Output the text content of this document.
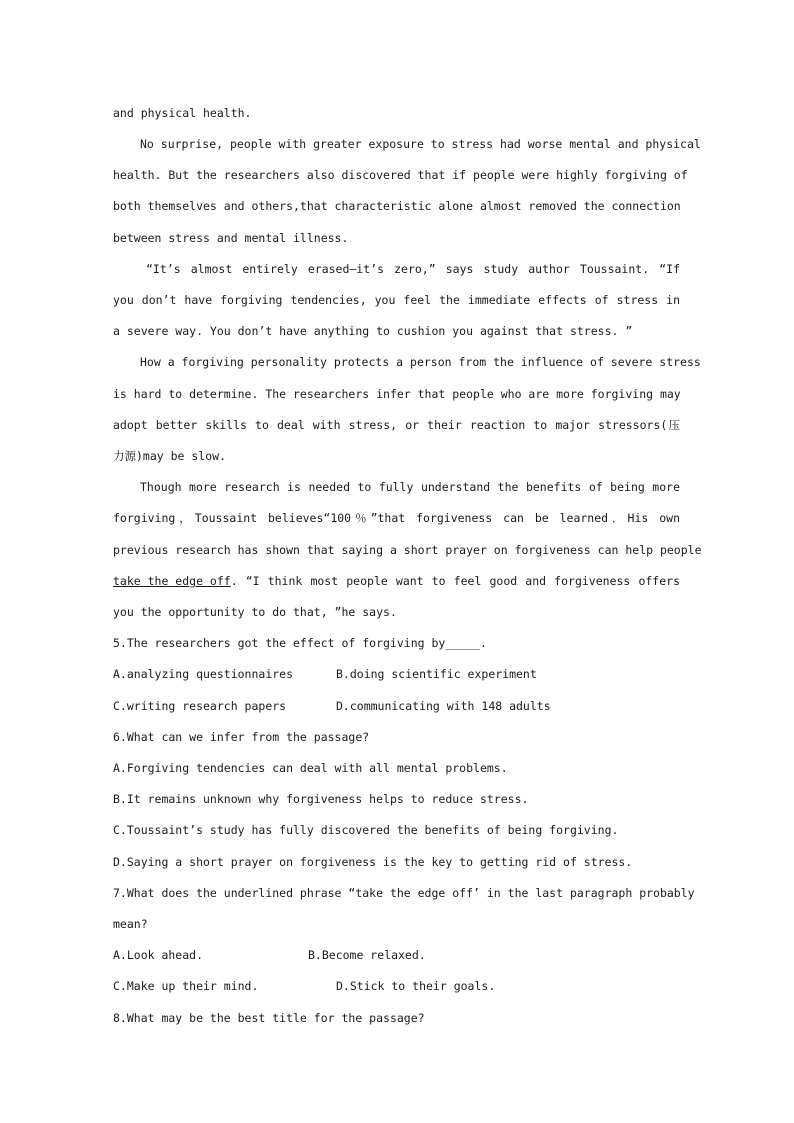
and physical health.
No surprise, people with greater exposure to stress had worse mental and physical
health. But the researchers also discovered that if people were highly forgiving of
both themselves and others,that characteristic alone almost removed the connection
between stress and mental illness.
“It’s almost entirely erased—it’s zero,” says study author Toussaint. “If
you don’t have forgiving tendencies, you feel the immediate effects of stress in
a severe way. You don’t have anything to cushion you against that stress. ”
How a forgiving personality protects a person from the influence of severe stress
is hard to determine. The researchers infer that people who are more forgiving may
adopt better skills to deal with stress, or their reaction to major stressors(压
力源)may be slow.
Though more research is needed to fully understand the benefits of being more
forgiving，Toussaint believes“100％”that forgiveness can be learned．His own
previous research has shown that saying a short prayer on forgiveness can help people
take the edge off . “I think most people want to feel good and forgiveness offers
you the opportunity to do that, ”he says.
5.The researchers got the effect of forgiving by_____.
A.analyzing questionnaires	B.doing scientific experiment
C.writing research papers	D.communicating with 148 adults
6.What can we infer from the passage?
A.Forgiving tendencies can deal with all mental problems.
B.It remains unknown why forgiveness helps to reduce stress.
C.Toussaint’s study has fully discovered the benefits of being forgiving.
D.Saying a short prayer on forgiveness is the key to getting rid of stress.
7.What does the underlined phrase “take the edge off’ in the last paragraph probably
mean?
A.Look ahead.	B.Become relaxed.
C.Make up their mind.	D.Stick to their goals.
8.What may be the best title for the passage?
